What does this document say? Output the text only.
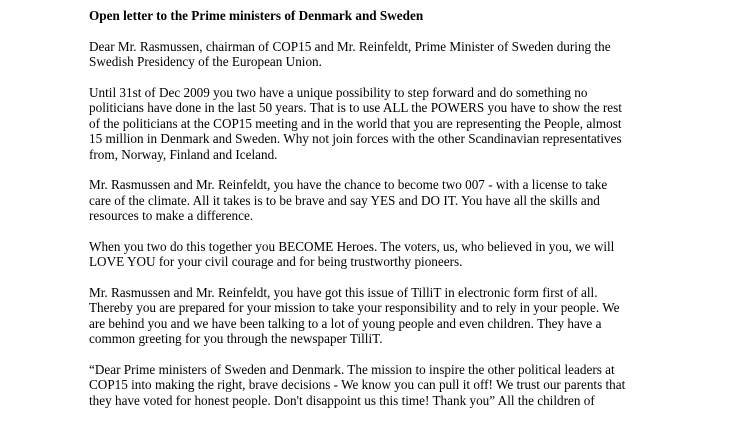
Open letter to the Prime ministers of Denmark and Sweden
Dear Mr. Rasmussen, chairman of COP15 and Mr. Reinfeldt, Prime Minister of Sweden during the
Swedish Presidency of the European Union.
Until 31st of Dec 2009 you two have a unique possibility to step forward and do something no
politicians have done in the last 50 years. That is to use ALL the POWERS you have to show the rest
of the politicians at the COP15 meeting and in the world that you are representing the People, almost
15 million in Denmark and Sweden. Why not join forces with the other Scandinavian representatives
from, Norway, Finland and Iceland.
Mr. Rasmussen and Mr. Reinfeldt, you have the chance to become two 007 - with a license to take
care of the climate. All it takes is to be brave and say YES and DO IT. You have all the skills and
resources to make a difference.
When you two do this together you BECOME Heroes. The voters, us, who believed in you, we will
LOVE YOU for your civil courage and for being trustworthy pioneers.
Mr. Rasmussen and Mr. Reinfeldt, you have got this issue of TilliT in electronic form first of all.
Thereby you are prepared for your mission to take your responsibility and to rely in your people. We
are behind you and we have been talking to a lot of young people and even children. They have a
common greeting for you through the newspaper TilliT.
“Dear Prime ministers of Sweden and Denmark. The mission to inspire the other political leaders at
COP15 into making the right, brave decisions - We know you can pull it off! We trust our parents that
they have voted for honest people. Don't disappoint us this time! Thank you” All the children of
